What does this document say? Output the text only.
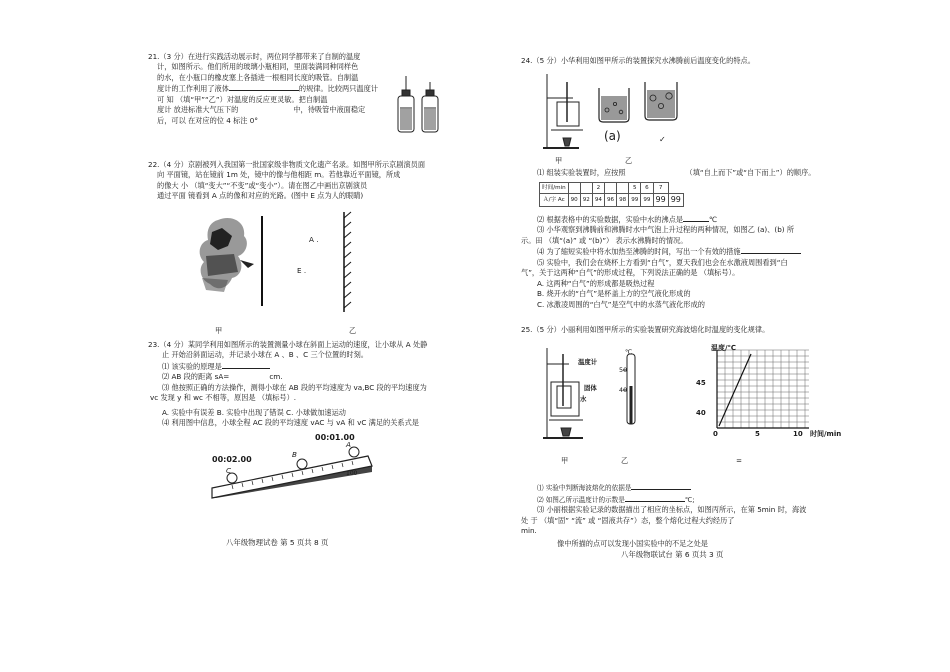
21.（3 分）在进行实践活动展示时，两位同学都带来了自制的温度
计，如图所示。他们所用的玻璃小瓶相同，里面装满同种同样色
的水，在小瓶口的橡皮塞上各插进一根相同长度的吸管。自制温
度计的工作利用了液体	的规律。比较两只温度计
可 知 （填“甲”“乙”）对温度的反应更灵敏。把自制温
度计 放进标准大气压下的	中，待吸管中液面稳定
后，可以 在对应的位 4 标注 0°
22.（4 分）京剧被列入我国第一批国家级非物质文化遗产名录。如图甲所示京剧演员面
向 平面镜，站在镜前 1m 处，镜中的像与他相距 m。若他靠近平面镜，所成
的像大 小 （填“变大”“不变”或“变小”）。请在图乙中画出京剧演员
通过平面 镜看到 A 点的像和对应的光路。(图中 E 点为人的眼睛)
A .
E .
甲	乙
23.（4 分）某同学利用如图所示的装置测量小球在斜面上运动的速度，让小球从 A 处静
止 开始沿斜面运动，并记录小球在 A 、B 、C 三个位置的时刻。
⑴ 该实验的原理是
⑵ AB 段的距离 sA=	cm.
⑶ 他按照正确的方法操作，测得小球在 AB 段的平均速度为 va,BC 段的平均速度为
vc 发现 y 和 wc 不相等，原因是 （填标号）.
A. 实验中有误差 B. 实验中出现了错误 C. 小球做加速运动
⑷ 利用图中信息，小球全程 AC 段的平均速度 vAC 与 vA 和 vC 满足的关系式是
00:01.00
00:02.00
C
B
A
100
八年级物理试卷 第 5 页共 8 页
24.（5 分）小华利用如图甲所示的装置探究水沸腾前后温度变化的特点。
(a)	✓
甲	乙
⑴ 组装实验装置时，应按照	（填“自上而下”或“自下而上”）的顺序。
时间/min			2			5	6	7	
Ａ/字 Ac	90	92	94	96	98	99	99	99	99
⑵ 根据表格中的实验数据，实验中水的沸点是	℃
⑶ 小华观察到沸腾前和沸腾时水中气泡上升过程的两种情况，如图乙 (a)、(b) 所
示。田 （填“(a)” 或 “(b)”） 表示水沸腾时的情况。
⑷ 为了缩短实验中将水加热至沸腾的时间，写出一个有效的措施
⑸ 实验中，我们会在烧杯上方看到“白气”，夏天我们也会在水激液周围看到“白
气”，关于这两种“白气”的形成过程，下列说法正确的是 （填标号）。
A. 这两种“白气”的形成都是吸热过程
B. 烧开水的“白气”是杯盖上方的空气液化形成的
C. 冰激凌周围的“白气”是空气中的水蒸气液化形成的
25.（5 分）小丽利用如图甲所示的实验装置研究海波熔化时温度的变化规律。
温度计
固体
水
℃
50
40
温度/℃
45
40
0	5	10 时间/min
甲	乙	=
⑴ 实验中判断海波熔化的依据是
⑵ 如图乙所示温度计的示数是	℃;
⑶ 小丽根据实验记录的数据描出了相应的坐标点，如图丙所示，在第 5min 时，海波
处 于 （填“固” “流” 或 “固液共存”）态，整个熔化过程大约经历了
min.
像中所描的点可以发现小国实验中的不足之处是
八年级物联试台 第 6 页共 3 页
